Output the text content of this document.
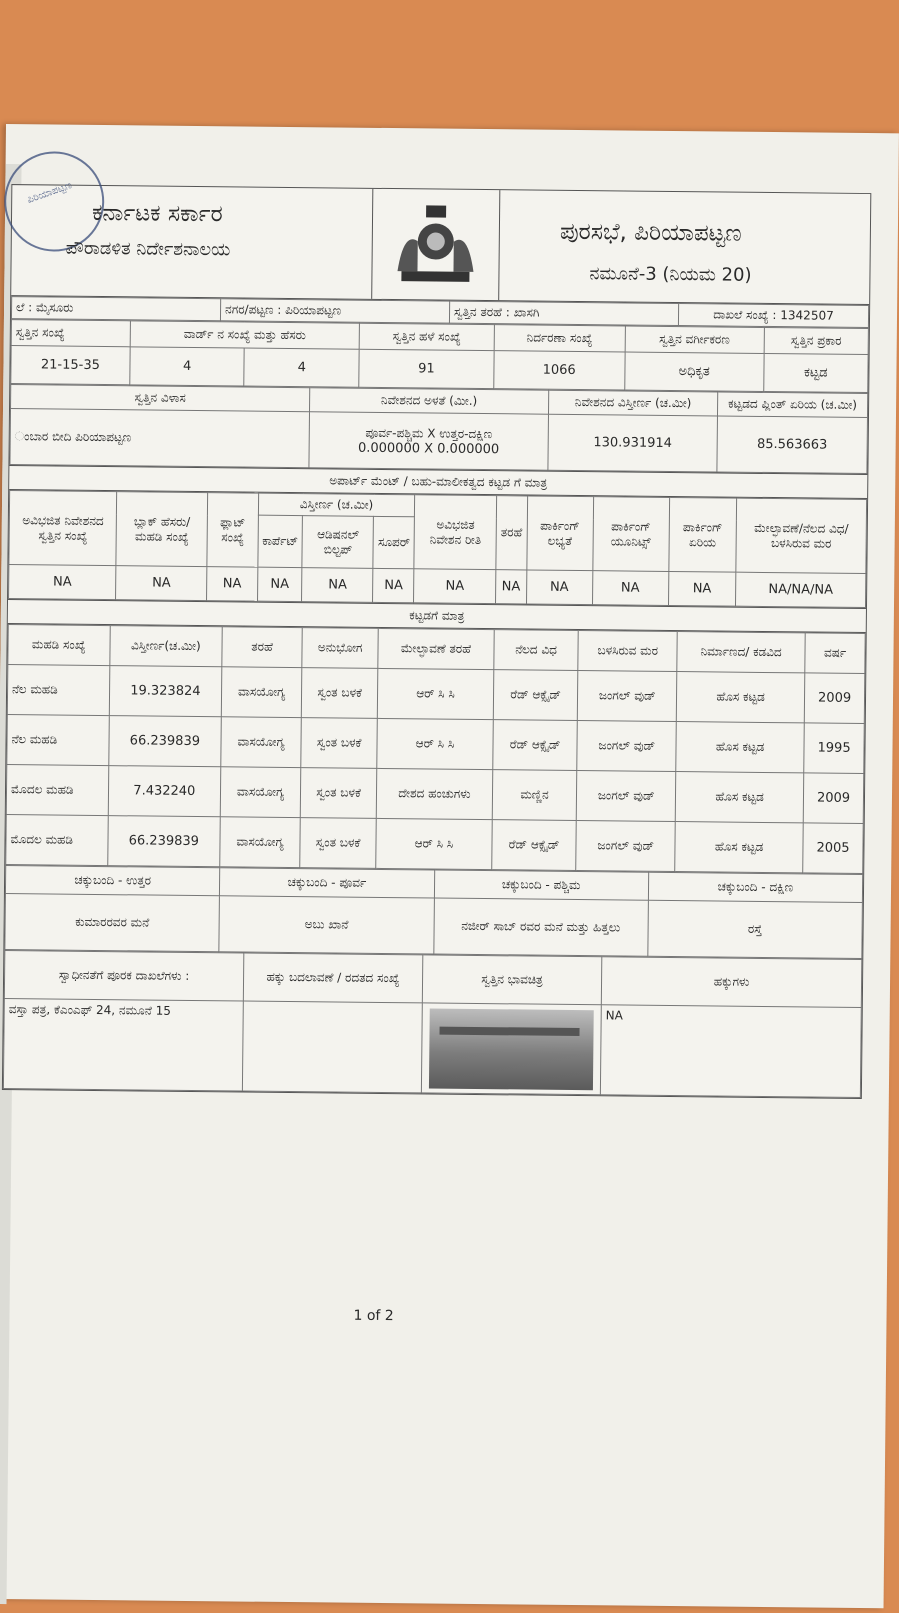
ಪಿರಿಯಾಪಟ್ಟಣ
ಕರ್ನಾಟಕ ಸರ್ಕಾರ
ಪೌರಾಡಳಿತ ನಿರ್ದೇಶನಾಲಯ
ಪುರಸಭೆ, ಪಿರಿಯಾಪಟ್ಟಣ
ನಮೂನೆ-3 (ನಿಯಮ 20)
ಲೆ : ಮೈಸೂರು	ನಗರ/ಪಟ್ಟಣ : ಪಿರಿಯಾಪಟ್ಟಣ	ಸ್ವತ್ತಿನ ತರಹೆ : ಖಾಸಗಿ	ದಾಖಲೆ ಸಂಖ್ಯೆ : 1342507
ಸ್ವತ್ತಿನ ಸಂಖ್ಯೆ	ವಾರ್ಡ್ ನ ಸಂಖ್ಯೆ ಮತ್ತು ಹೆಸರು		ಸ್ವತ್ತಿನ ಹಳೆ ಸಂಖ್ಯೆ	ನಿರ್ದರಣಾ ಸಂಖ್ಯೆ	ಸ್ವತ್ತಿನ ವರ್ಗೀಕರಣ	ಸ್ವತ್ತಿನ ಪ್ರಕಾರ
21-15-35	4	4	91	1066	ಅಧಿಕೃತ	ಕಟ್ಟಡ
ಸ್ವತ್ತಿನ ವಿಳಾಸ	ನಿವೇಶನದ ಅಳತೆ (ಮೀ.)	ನಿವೇಶನದ ವಿಸ್ತೀರ್ಣ (ಚ.ಮೀ)	ಕಟ್ಟಡದ ಪ್ಲಿಂತ್ ಏರಿಯ (ಚ.ಮೀ)
ಂಬಾರ ಬೀದಿ ಪಿರಿಯಾಪಟ್ಟಣ	ಪೂರ್ವ-ಪಶ್ಚಿಮ X ಉತ್ತರ-ದಕ್ಷಿಣ
0.000000 X 0.000000	130.931914	85.563663
ಅಪಾರ್ಟ್ ಮೆಂಟ್ / ಬಹು-ಮಾಲೀಕತ್ವದ ಕಟ್ಟಡ ಗೆ ಮಾತ್ರ
ಅವಿಭಜಿತ ನಿವೇಶನದ ಸ್ವತ್ತಿನ ಸಂಖ್ಯೆ	ಬ್ಲಾಕ್ ಹೆಸರು/ ಮಹಡಿ ಸಂಖ್ಯೆ	ಫ್ಲಾಟ್ ಸಂಖ್ಯೆ	ವಿಸ್ತೀರ್ಣ (ಚ.ಮೀ)			ಅವಿಭಜಿತ ನಿವೇಶನ ರೀತಿ	ತರಹೆ	ಪಾರ್ಕಿಂಗ್ ಲಭ್ಯತೆ	ಪಾರ್ಕಿಂಗ್ ಯೂನಿಟ್ಸ್	ಪಾರ್ಕಿಂಗ್ ಏರಿಯ	ಮೇಲ್ಛಾವಣೆ/ನೆಲದ ವಿಧ/ಬಳಸಿರುವ ಮರ
			ಕಾರ್ಪೆಟ್	ಆಡಿಷನಲ್ ಬಿಲ್ಟಪ್	ಸೂಪರ್						
NA	NA	NA	NA	NA	NA	NA	NA	NA	NA	NA	NA/NA/NA
ಕಟ್ಟಡಗೆ ಮಾತ್ರ
ಮಹಡಿ ಸಂಖ್ಯೆ	ವಿಸ್ತೀರ್ಣ(ಚ.ಮೀ)	ತರಹೆ	ಅನುಭೋಗ	ಮೇಲ್ಛಾವಣೆ ತರಹೆ	ನೆಲದ ವಿಧ	ಬಳಸಿರುವ ಮರ	ನಿರ್ಮಾಣದ/ ಕಡವಿದ	ವರ್ಷ
ನೆಲ ಮಹಡಿ	19.323824	ವಾಸಯೋಗ್ಯ	ಸ್ವಂತ ಬಳಕೆ	ಆರ್ ಸಿ ಸಿ	ರೆಡ್ ಆಕ್ಸೈಡ್	ಜಂಗಲ್ ವುಡ್	ಹೊಸ ಕಟ್ಟಡ	2009
ನೆಲ ಮಹಡಿ	66.239839	ವಾಸಯೋಗ್ಯ	ಸ್ವಂತ ಬಳಕೆ	ಆರ್ ಸಿ ಸಿ	ರೆಡ್ ಆಕ್ಸೈಡ್	ಜಂಗಲ್ ವುಡ್	ಹೊಸ ಕಟ್ಟಡ	1995
ಮೊದಲ ಮಹಡಿ	7.432240	ವಾಸಯೋಗ್ಯ	ಸ್ವಂತ ಬಳಕೆ	ದೇಶದ ಹಂಚುಗಳು	ಮಣ್ಣಿನ	ಜಂಗಲ್ ವುಡ್	ಹೊಸ ಕಟ್ಟಡ	2009
ಮೊದಲ ಮಹಡಿ	66.239839	ವಾಸಯೋಗ್ಯ	ಸ್ವಂತ ಬಳಕೆ	ಆರ್ ಸಿ ಸಿ	ರೆಡ್ ಆಕ್ಸೈಡ್	ಜಂಗಲ್ ವುಡ್	ಹೊಸ ಕಟ್ಟಡ	2005
ಚಕ್ಕುಬಂದಿ - ಉತ್ತರ	ಚಕ್ಕುಬಂದಿ - ಪೂರ್ವ	ಚಕ್ಕುಬಂದಿ - ಪಶ್ಚಿಮ	ಚಕ್ಕುಬಂದಿ - ದಕ್ಷಿಣ
ಕುಮಾರರವರ ಮನೆ	ಅಬು ಖಾನೆ	ನಜೀರ್ ಸಾಬ್ ರವರ ಮನೆ ಮತ್ತು ಹಿತ್ತಲು	ರಸ್ತೆ
ಸ್ವಾಧೀನತೆಗೆ ಪೂರಕ ದಾಖಲೆಗಳು :	ಹಕ್ಕು ಬದಲಾವಣೆ / ರದತದ ಸಂಖ್ಯೆ	ಸ್ವತ್ತಿನ ಭಾವಚಿತ್ರ	ಹಕ್ಕುಗಳು
ವಸ್ತಾ ಪತ್ರ, ಕೆಎಂಎಫ್ 24, ನಮೂನೆ 15			NA
1 of 2
